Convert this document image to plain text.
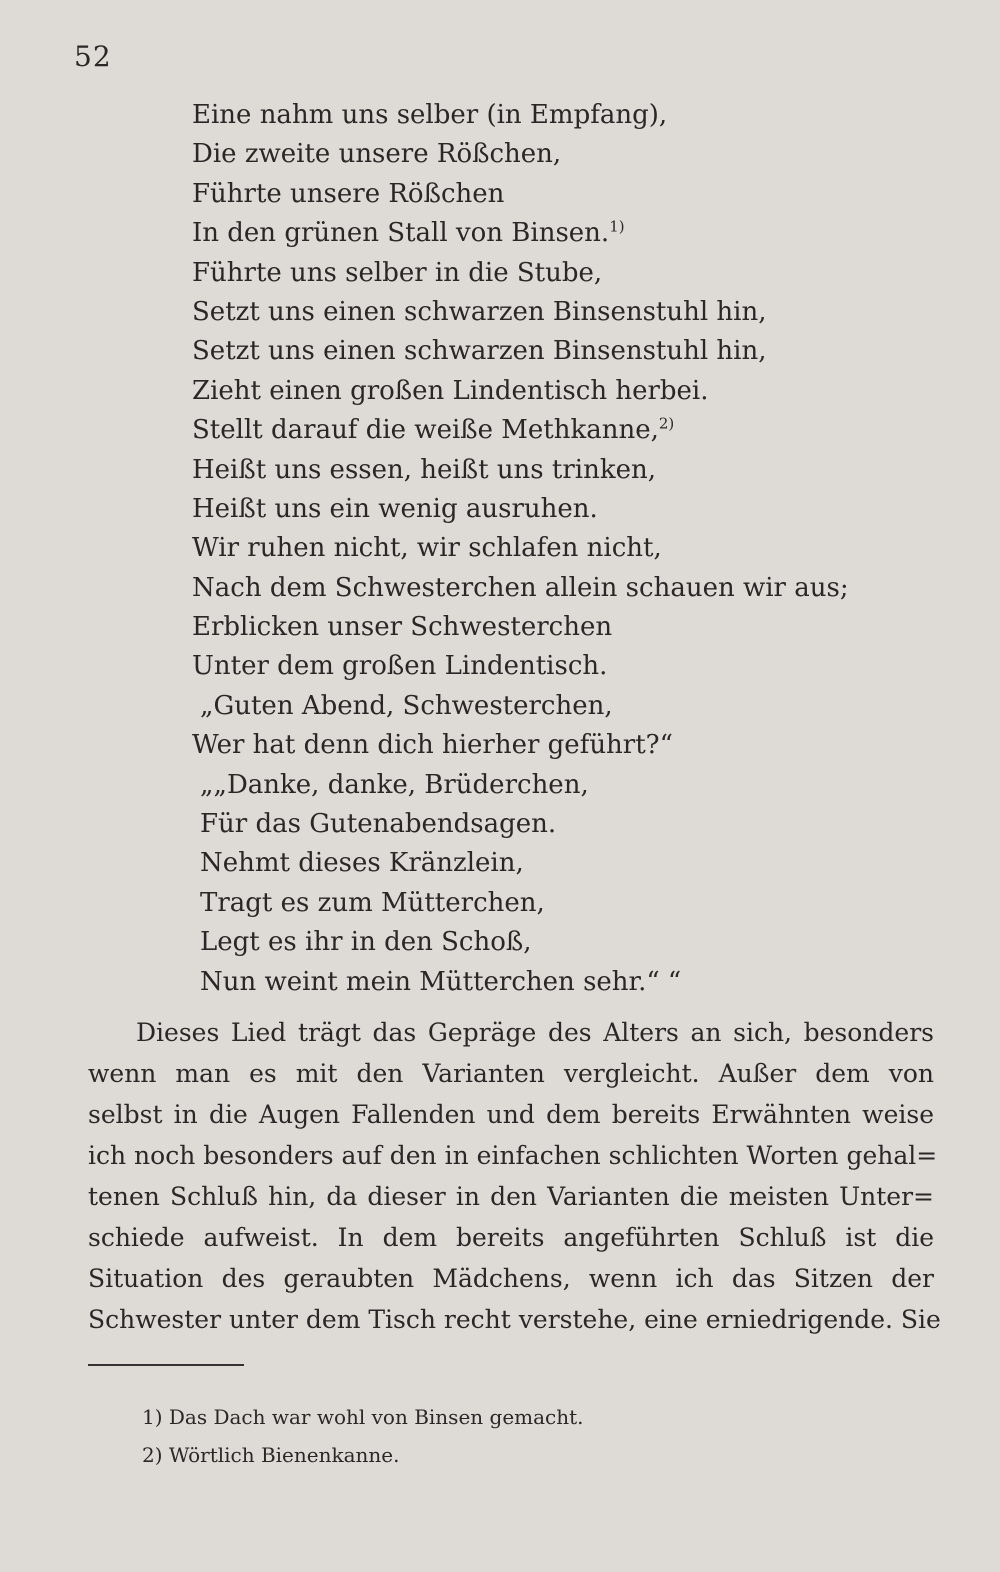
52
Eine nahm uns selber (in Empfang),
Die zweite unsere Rößchen,
Führte unsere Rößchen
In den grünen Stall von Binsen.$^{1)}$
Führte uns selber in die Stube,
Setzt uns einen schwarzen Binsenstuhl hin,
Setzt uns einen schwarzen Binsenstuhl hin,
Zieht einen großen Lindentisch herbei.
Stellt darauf die weiße Methkanne,$^{2)}$
Heißt uns essen, heißt uns trinken,
Heißt uns ein wenig ausruhen.
Wir ruhen nicht, wir schlafen nicht,
Nach dem Schwesterchen allein schauen wir aus;
Erblicken unser Schwesterchen
Unter dem großen Lindentisch.
„Guten Abend, Schwesterchen,
Wer hat denn dich hierher geführt?“
„„Danke, danke, Brüderchen,
Für das Gutenabendsagen.
Nehmt dieses Kränzlein,
Tragt es zum Mütterchen,
Legt es ihr in den Schoß,
Nun weint mein Mütterchen sehr.“ “
Dieses Lied trägt das Gepräge des Alters an sich, besonders
wenn man es mit den Varianten vergleicht. Außer dem von
selbst in die Augen Fallenden und dem bereits Erwähnten weise
ich noch besonders auf den in einfachen schlichten Worten gehal=
tenen Schluß hin, da dieser in den Varianten die meisten Unter=
schiede aufweist. In dem bereits angeführten Schluß ist die
Situation des geraubten Mädchens, wenn ich das Sitzen der
Schwester unter dem Tisch recht verstehe, eine erniedrigende. Sie
1) Das Dach war wohl von Binsen gemacht.
2) Wörtlich Bienenkanne.
